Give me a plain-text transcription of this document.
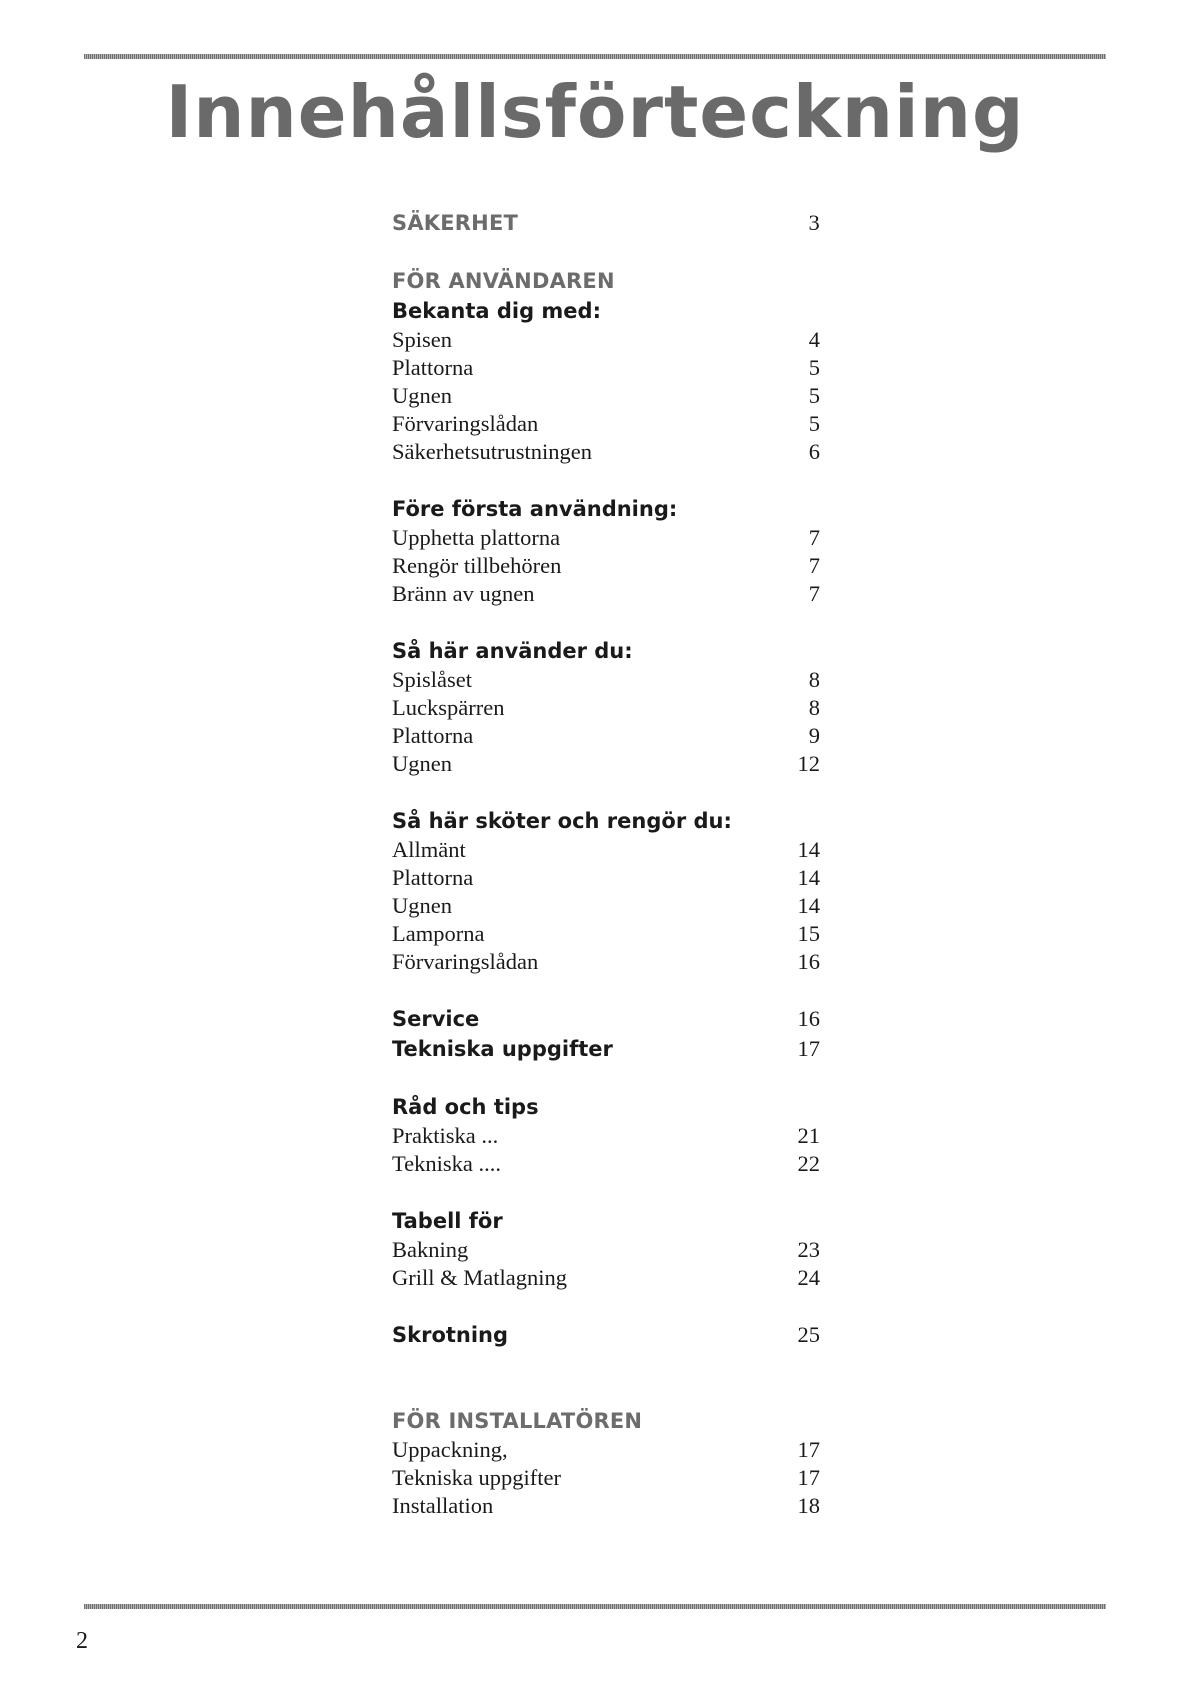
Innehållsförteckning
SÄKERHET	3
FÖR ANVÄNDAREN
Bekanta dig med:
Spisen	4
Plattorna	5
Ugnen	5
Förvaringslådan	5
Säkerhetsutrustningen	6
Före första användning:
Upphetta plattorna	7
Rengör tillbehören	7
Bränn av ugnen	7
Så här använder du:
Spislåset	8
Luckspärren	8
Plattorna	9
Ugnen	12
Så här sköter och rengör du:
Allmänt	14
Plattorna	14
Ugnen	14
Lamporna	15
Förvaringslådan	16
Service	16
Tekniska uppgifter	17
Råd och tips
Praktiska ...	21
Tekniska ....	22
Tabell för
Bakning	23
Grill & Matlagning	24
Skrotning	25
FÖR INSTALLATÖREN
Uppackning,	17
Tekniska uppgifter	17
Installation	18
2
